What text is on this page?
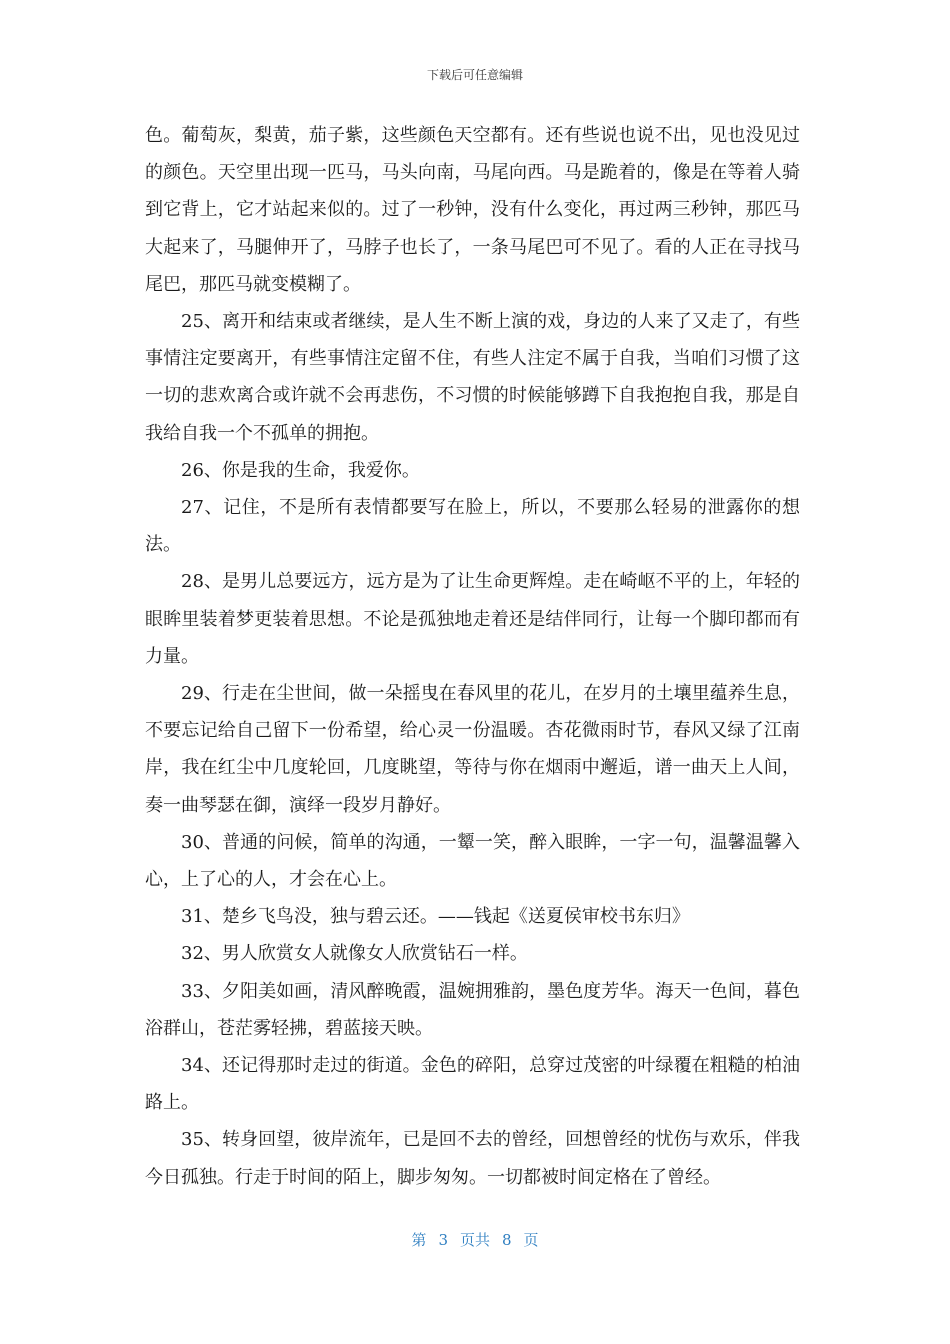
下载后可任意编辑

色。葡萄灰，梨黄，茄子紫，这些颜色天空都有。还有些说也说不出，见也没见过的颜色。天空里出现一匹马，马头向南，马尾向西。马是跪着的，像是在等着人骑到它背上，它才站起来似的。过了一秒钟，没有什么变化，再过两三秒钟，那匹马大起来了，马腿伸开了，马脖子也长了，一条马尾巴可不见了。看的人正在寻找马尾巴，那匹马就变模糊了。

25、离开和结束或者继续，是人生不断上演的戏，身边的人来了又走了，有些事情注定要离开，有些事情注定留不住，有些人注定不属于自我，当咱们习惯了这一切的悲欢离合或许就不会再悲伤，不习惯的时候能够蹲下自我抱抱自我，那是自我给自我一个不孤单的拥抱。

26、你是我的生命，我爱你。

27、记住，不是所有表情都要写在脸上，所以，不要那么轻易的泄露你的想法。

28、是男儿总要远方，远方是为了让生命更辉煌。走在崎岖不平的上，年轻的眼眸里装着梦更装着思想。不论是孤独地走着还是结伴同行，让每一个脚印都而有力量。

29、行走在尘世间，做一朵摇曳在春风里的花儿，在岁月的土壤里蕴养生息，不要忘记给自己留下一份希望，给心灵一份温暖。杏花微雨时节，春风又绿了江南岸，我在红尘中几度轮回，几度眺望，等待与你在烟雨中邂逅，谱一曲天上人间，奏一曲琴瑟在御，演绎一段岁月静好。

30、普通的问候，简单的沟通，一颦一笑，醉入眼眸，一字一句，温馨温馨入心，上了心的人，才会在心上。

31、楚乡飞鸟没，独与碧云还。——钱起《送夏侯审校书东归》

32、男人欣赏女人就像女人欣赏钻石一样。

33、夕阳美如画，清风醉晚霞，温婉拥雅韵，墨色度芳华。海天一色间，暮色浴群山，苍茫雾轻拂，碧蓝接天映。

34、还记得那时走过的街道。金色的碎阳，总穿过茂密的叶绿覆在粗糙的柏油路上。

35、转身回望，彼岸流年，已是回不去的曾经，回想曾经的忧伤与欢乐，伴我今日孤独。行走于时间的陌上，脚步匆匆。一切都被时间定格在了曾经。

第 3 页共 8 页
